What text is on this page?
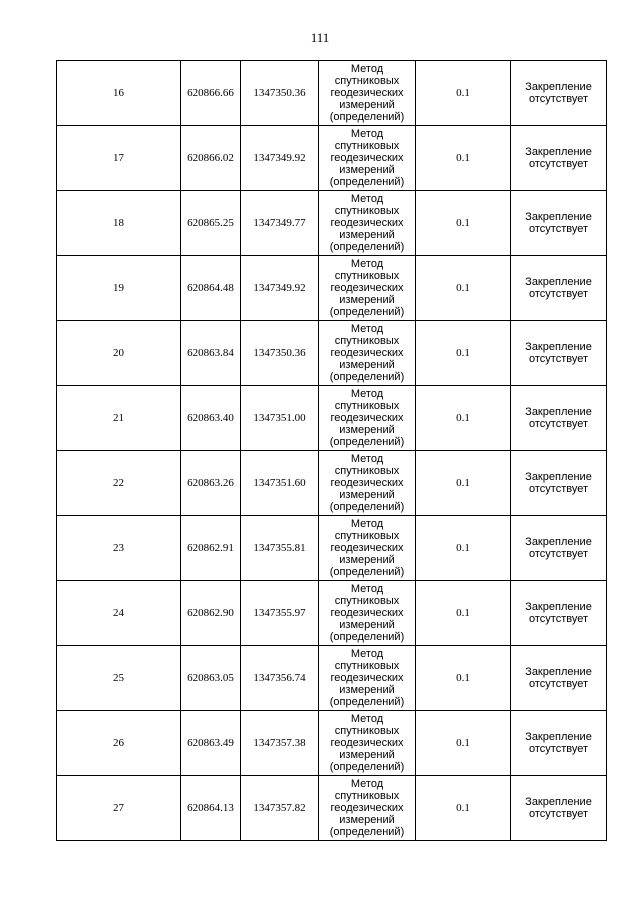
111
16	620866.66	1347350.36	Метод
спутниковых
геодезических
измерений
(определений)	0.1	Закрепление
отсутствует

17	620866.02	1347349.92	Метод
спутниковых
геодезических
измерений
(определений)	0.1	Закрепление
отсутствует

18	620865.25	1347349.77	Метод
спутниковых
геодезических
измерений
(определений)	0.1	Закрепление
отсутствует

19	620864.48	1347349.92	Метод
спутниковых
геодезических
измерений
(определений)	0.1	Закрепление
отсутствует

20	620863.84	1347350.36	Метод
спутниковых
геодезических
измерений
(определений)	0.1	Закрепление
отсутствует

21	620863.40	1347351.00	Метод
спутниковых
геодезических
измерений
(определений)	0.1	Закрепление
отсутствует

22	620863.26	1347351.60	Метод
спутниковых
геодезических
измерений
(определений)	0.1	Закрепление
отсутствует

23	620862.91	1347355.81	Метод
спутниковых
геодезических
измерений
(определений)	0.1	Закрепление
отсутствует

24	620862.90	1347355.97	Метод
спутниковых
геодезических
измерений
(определений)	0.1	Закрепление
отсутствует

25	620863.05	1347356.74	Метод
спутниковых
геодезических
измерений
(определений)	0.1	Закрепление
отсутствует

26	620863.49	1347357.38	Метод
спутниковых
геодезических
измерений
(определений)	0.1	Закрепление
отсутствует

27	620864.13	1347357.82	Метод
спутниковых
геодезических
измерений
(определений)	0.1	Закрепление
отсутствует
